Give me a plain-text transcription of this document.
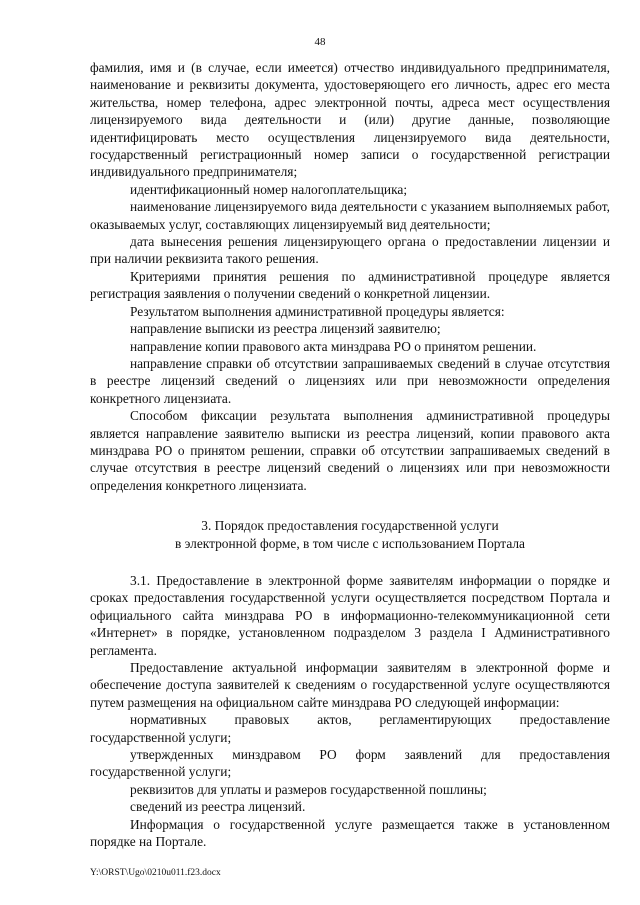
48

фамилия, имя и (в случае, если имеется) отчество индивидуального предпринимателя, наименование и реквизиты документа, удостоверяющего его личность, адрес его места жительства, номер телефона, адрес электронной почты, адреса мест осуществления лицензируемого вида деятельности и (или) другие данные, позволяющие идентифицировать место осуществления лицензируемого вида деятельности, государственный регистрационный номер записи о государственной регистрации индивидуального предпринимателя;

идентификационный номер налогоплательщика;

наименование лицензируемого вида деятельности с указанием выполняемых работ, оказываемых услуг, составляющих лицензируемый вид деятельности;

дата вынесения решения лицензирующего органа о предоставлении лицензии и при наличии реквизита такого решения.

Критериями принятия решения по административной процедуре является регистрация заявления о получении сведений о конкретной лицензии.

Результатом выполнения административной процедуры является:

направление выписки из реестра лицензий заявителю;

направление копии правового акта минздрава РО о принятом решении.

направление справки об отсутствии запрашиваемых сведений в случае отсутствия в реестре лицензий сведений о лицензиях или при невозможности определения конкретного лицензиата.

Способом фиксации результата выполнения административной процедуры является направление заявителю выписки из реестра лицензий, копии правового акта минздрава РО о принятом решении, справки об отсутствии запрашиваемых сведений в случае отсутствия в реестре лицензий сведений о лицензиях или при невозможности определения конкретного лицензиата.

3. Порядок предоставления государственной услуги
в электронной форме, в том числе с использованием Портала

3.1. Предоставление в электронной форме заявителям информации о порядке и сроках предоставления государственной услуги осуществляется посредством Портала и официального сайта минздрава РО в информационно-телекоммуникационной сети «Интернет» в порядке, установленном подразделом 3 раздела I Административного регламента.

Предоставление актуальной информации заявителям в электронной форме и обеспечение доступа заявителей к сведениям о государственной услуге осуществляются путем размещения на официальном сайте минздрава РО следующей информации:

нормативных правовых актов, регламентирующих предоставление государственной услуги;

утвержденных минздравом РО форм заявлений для предоставления государственной услуги;

реквизитов для уплаты и размеров государственной пошлины;

сведений из реестра лицензий.

Информация о государственной услуге размещается также в установленном порядке на Портале.

Y:\ORST\Ugo\0210u011.f23.docx
